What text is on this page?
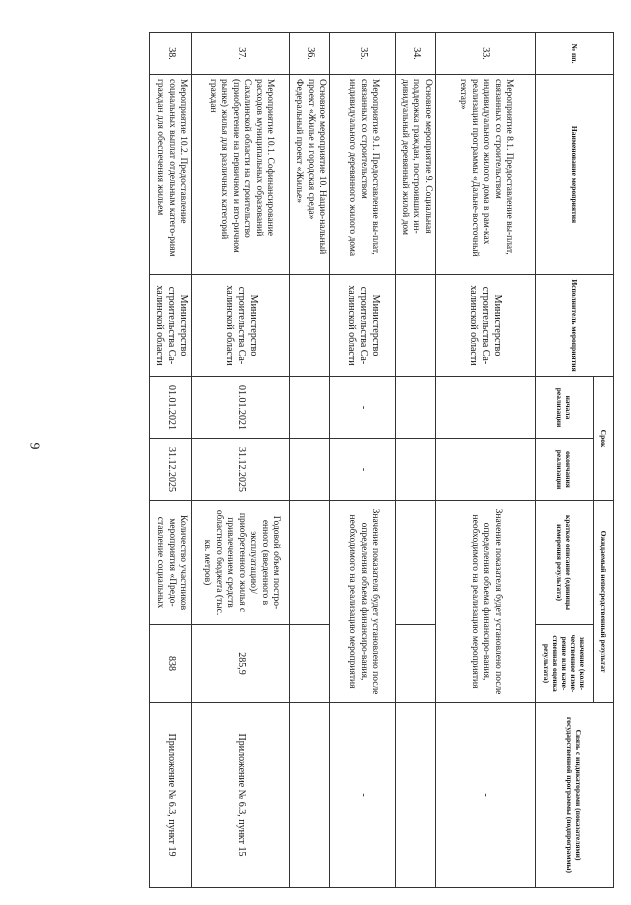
9
№ пп.	Наименование мероприятия	Исполнитель мероприятия	Срок		Ожидаемый непосредственный результат		Связь с индикаторами (показателями) государственной программы (подпрограммы)
			начала реализации	окончания реализации	краткое описание (единицы измерения результата)	значение (коли-чественное изме-рение или каче-ственная оценка результата)	
33.	Мероприятие 8.1. Предоставление вы-плат, связанных со строительством индивидуального жилого дома в рам-ках реализации программы «Дальне-восточный гектар»	Министерство строительства Са-халинской области			Значение показателя будет установлено после определения объема финансиро-вания, необходимого на реализацию мероприятия		-
34.	Основное мероприятие 9. Социальная поддержка граждан, построивших ин-дивидуальный деревянный жилой дом						
35.	Мероприятие 9.1. Предоставление вы-плат, связанных со строительством индивидуального деревянного жилого дома	Министерство строительства Са-халинской области	-	-	Значение показателя будет установлено после определения объема финансиро-вания, необходимого на реализацию мероприятия		-
36.	Основное мероприятие 10. Нацио-нальный проект «Жилье и городская среда» Федеральный проект «Жилье»						
37.	Мероприятие 10.1. Софинансирование расходов муниципальных образований Сахалинской области на строительство (приобретение на первичном и вто-ричном рынке) жилья для различных категорий граждан	Министерство строительства Са-халинской области	01.01.2021	31.12.2025	Годовой объем постро-енного (введенного в эксплуатацию)/ приобретенного жилья с привлечением средств областного бюджета (тыс. кв. метров)	285,9	Приложение № 6.3, пункт 15
38.	Мероприятие 10.2. Предоставление социальных выплат отдельным катего-риям граждан для обеспечения жильем	Министерство строительства Са-халинской области	01.01.2021	31.12.2025	Количество участников мероприятия «Предо-ставление социальных	838	Приложение № 6.3, пункт 19
